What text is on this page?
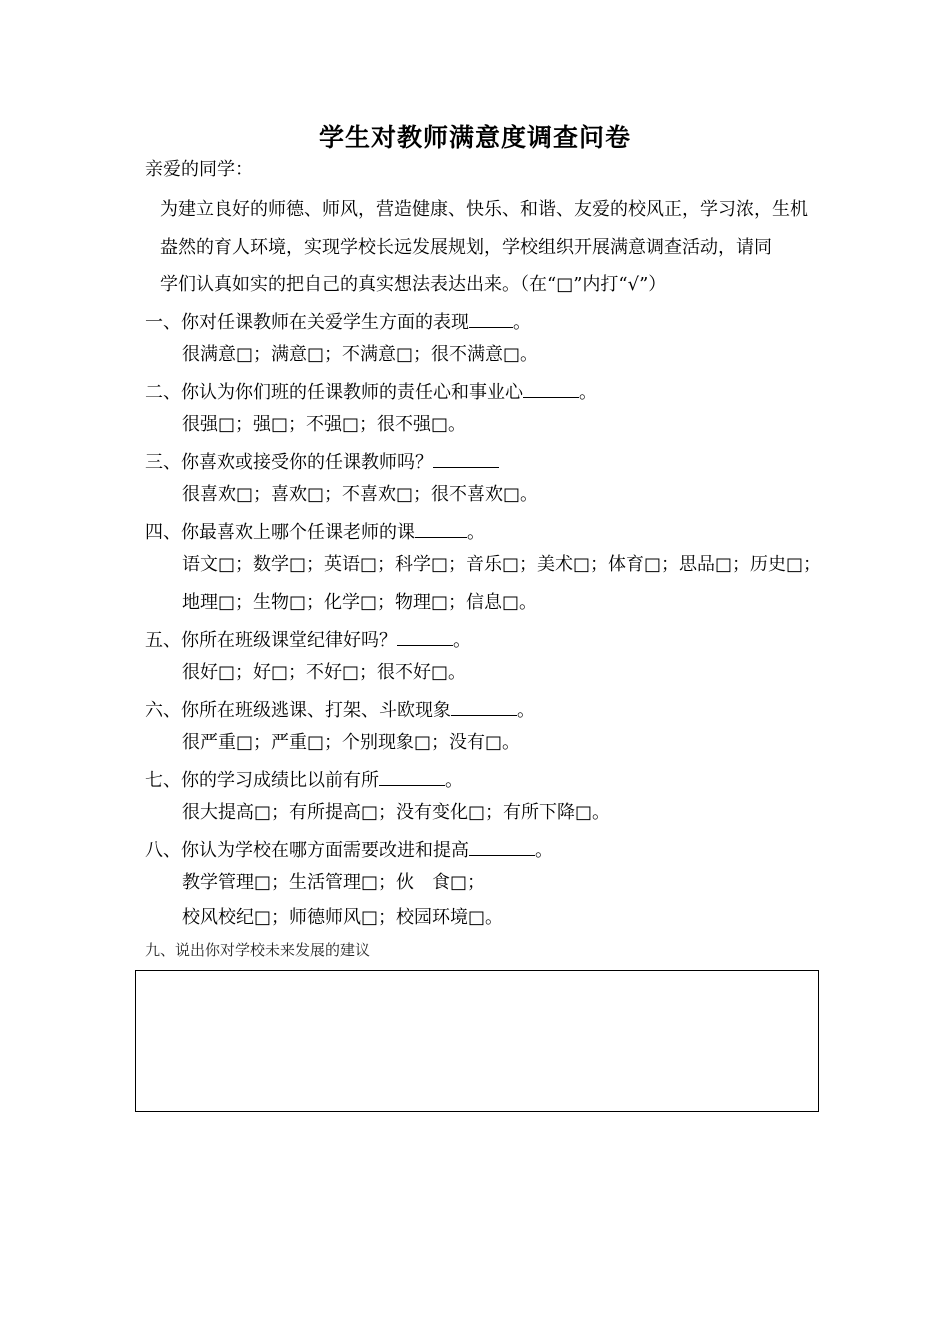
学生对教师满意度调查问卷
亲爱的同学：
为建立良好的师德、师风，营造健康、快乐、和谐、友爱的校风正，学习浓，生机
盎然的育人环境，实现学校长远发展规划，学校组织开展满意调查活动，请同
学们认真如实的把自己的真实想法表达出来。（在“□”内打“√”）
一、你对任课教师在关爱学生方面的表现 。
很满意□；满意□；不满意□；很不满意□。
二、你认为你们班的任课教师的责任心和事业心	。
很强□；强□；不强□；很不强□。
三、你喜欢或接受你的任课教师吗？
很喜欢□；喜欢□；不喜欢□；很不喜欢□。
四、你最喜欢上哪个任课老师的课	。
语文□；数学□；英语□；科学□；音乐□；美术□；体育□；思品□；历史□；
地理□；生物□；化学□；物理□；信息□。
五、你所在班级课堂纪律好吗？	。
很好□；好□；不好□；很不好□。
六、你所在班级逃课、打架、斗欧现象	。
很严重□；严重□；个别现象□；没有□。
七、你的学习成绩比以前有所	。
很大提高□；有所提高□；没有变化□；有所下降□。
八、你认为学校在哪方面需要改进和提高	。
教学管理□；生活管理□；伙　食□；
校风校纪□；师德师风□；校园环境□。
九、说出你对学校未来发展的建议
